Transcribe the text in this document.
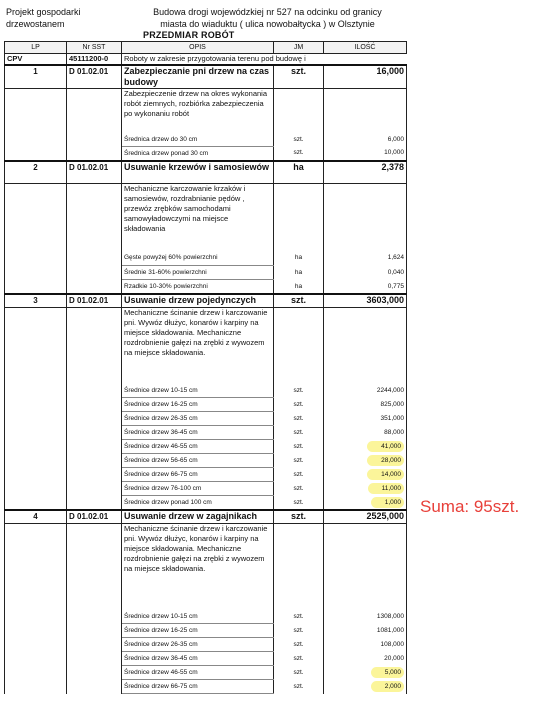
Projekt gospodarki
drzewostanem
Budowa drogi wojewódzkiej nr 527 na odcinku od granicy
miasta do wiaduktu ( ulica nowobałtycka ) w Olsztynie
PRZEDMIAR ROBÓT
LP	Nr SST	OPIS	JM	ILOŚĆ
CPV	45111200-0	Roboty w zakresie przygotowania terenu pod budowę i		
1	D 01.02.01	Zabezpieczanie pni drzew na czas budowy	szt.	16,000
		Zabezpieczenie drzew na okres wykonania robót ziemnych, rozbiórka zabezpieczenia po wykonaniu robót		
		Średnica drzew do 30 cm	szt.	6,000
		Średnica drzew ponad 30 cm	szt.	10,000
2	D 01.02.01	Usuwanie krzewów i samosiewów	ha	2,378
		Mechaniczne karczowanie krzaków i samosiewów, rozdrabnianie pędów , przewóz zrębków samochodami samowyładowczymi na miejsce składowania		
		Gęste powyżej 60% powierzchni	ha	1,624
		Średnie 31-60% powierzchni	ha	0,040
		Rzadkie 10-30% powierzchni	ha	0,775
3	D 01.02.01	Usuwanie drzew pojedynczych	szt.	3603,000
		Mechaniczne ścinanie drzew i karczowanie pni. Wywóz dłużyc, konarów i karpiny na miejsce składowania. Mechaniczne rozdrobnienie gałęzi na zrębki z wywozem na miejsce składowania.		
		Średnice drzew 10-15 cm	szt.	2244,000
		Średnice drzew 16-25 cm	szt.	825,000
		Średnice drzew 26-35 cm	szt.	351,000
		Średnice drzew 36-45 cm	szt.	88,000
		Średnice drzew 46-55 cm	szt.	41,000
		Średnice drzew 56-65 cm	szt.	28,000
		Średnice drzew 66-75 cm	szt.	14,000
		Średnice drzew 76-100 cm	szt.	11,000
		Średnice drzew ponad 100 cm	szt.	1,000
4	D 01.02.01	Usuwanie drzew w zagajnikach	szt.	2525,000
		Mechaniczne ścinanie drzew i karczowanie pni. Wywóz dłużyc, konarów i karpiny na miejsce składowania. Mechaniczne rozdrobnienie gałęzi na zrębki z wywozem na miejsce składowania.		
		Średnice drzew 10-15 cm	szt.	1308,000
		Średnice drzew 16-25 cm	szt.	1081,000
		Średnice drzew 26-35 cm	szt.	108,000
		Średnice drzew 36-45 cm	szt.	20,000
		Średnice drzew 46-55 cm	szt.	5,000
		Średnice drzew 66-75 cm	szt.	2,000
Suma: 95szt.
